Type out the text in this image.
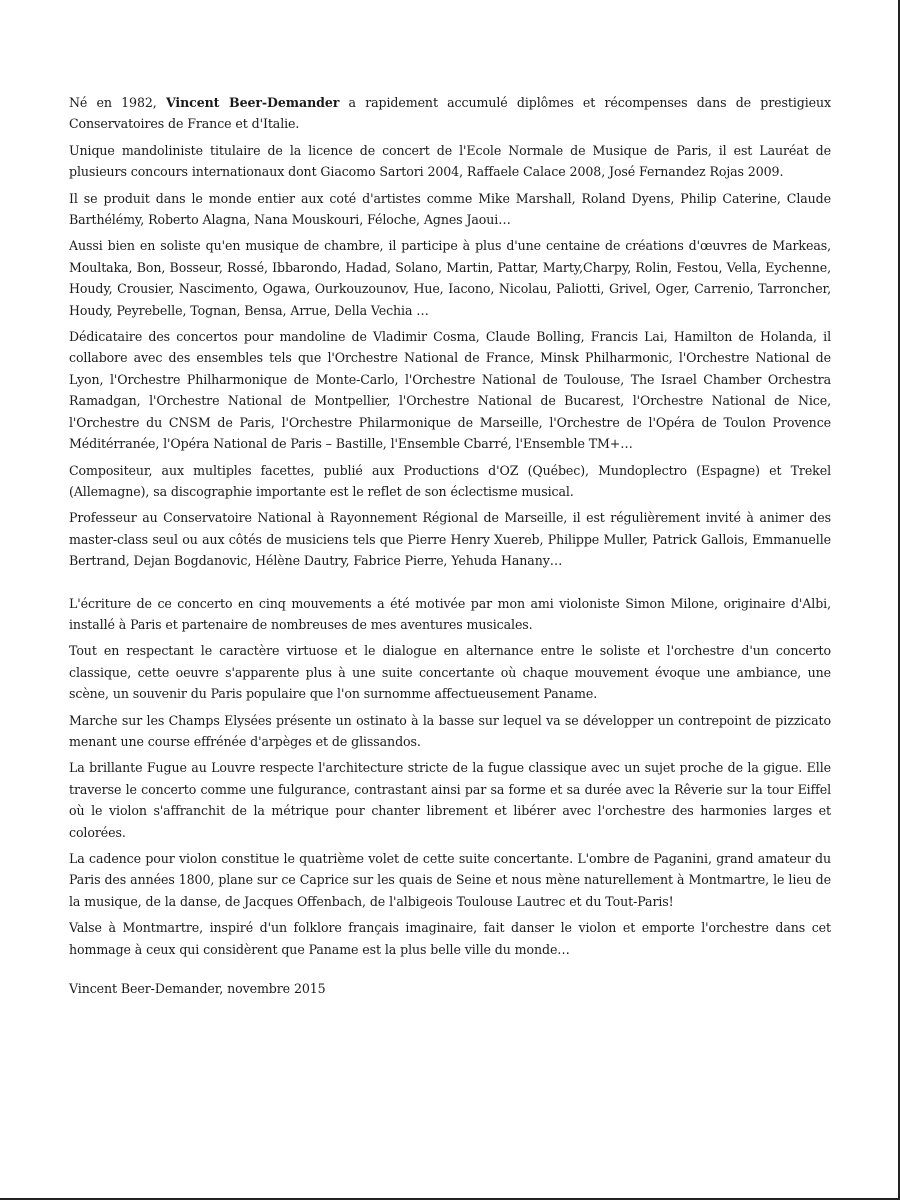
Né en 1982, Vincent Beer-Demander a rapidement accumulé diplômes et récompenses dans de prestigieux Conservatoires de France et d'Italie.

Unique mandoliniste titulaire de la licence de concert de l'Ecole Normale de Musique de Paris, il est Lauréat de plusieurs concours internationaux dont Giacomo Sartori 2004, Raffaele Calace 2008, José Fernandez Rojas 2009.

Il se produit dans le monde entier aux coté d'artistes comme Mike Marshall, Roland Dyens, Philip Caterine, Claude Barthélémy, Roberto Alagna, Nana Mouskouri, Féloche, Agnes Jaoui…

Aussi bien en soliste qu'en musique de chambre, il participe à plus d'une centaine de créations d'œuvres de Markeas, Moultaka, Bon, Bosseur, Rossé, Ibbarondo, Hadad, Solano, Martin, Pattar, Marty,Charpy, Rolin, Festou, Vella, Eychenne, Houdy, Crousier, Nascimento, Ogawa, Ourkouzounov, Hue, Iacono, Nicolau, Paliotti, Grivel, Oger, Carrenio, Tarroncher, Houdy, Peyrebelle, Tognan, Bensa, Arrue, Della Vechia …

Dédicataire des concertos pour mandoline de Vladimir Cosma, Claude Bolling, Francis Lai, Hamilton de Holanda, il collabore avec des ensembles tels que l'Orchestre National de France, Minsk Philharmonic, l'Orchestre National de Lyon, l'Orchestre Philharmonique de Monte-Carlo, l'Orchestre National de Toulouse, The Israel Chamber Orchestra Ramadgan, l'Orchestre National de Montpellier, l'Orchestre National de Bucarest, l'Orchestre National de Nice, l'Orchestre du CNSM de Paris, l'Orchestre Philarmonique de Marseille, l'Orchestre de l'Opéra de Toulon Provence Méditérranée, l'Opéra National de Paris – Bastille, l'Ensemble Cbarré, l'Ensemble TM+…

Compositeur, aux multiples facettes, publié aux Productions d'OZ (Québec), Mundoplectro (Espagne) et Trekel (Allemagne), sa discographie importante est le reflet de son éclectisme musical.

Professeur au Conservatoire National à Rayonnement Régional de Marseille, il est régulièrement invité à animer des master-class seul ou aux côtés de musiciens tels que Pierre Henry Xuereb, Philippe Muller, Patrick Gallois, Emmanuelle Bertrand, Dejan Bogdanovic, Hélène Dautry, Fabrice Pierre, Yehuda Hanany…

L'écriture de ce concerto en cinq mouvements a été motivée par mon ami violoniste Simon Milone, originaire d'Albi, installé à Paris et partenaire de nombreuses de mes aventures musicales.

Tout en respectant le caractère virtuose et le dialogue en alternance entre le soliste et l'orchestre d'un concerto classique, cette oeuvre s'apparente plus à une suite concertante où chaque mouvement évoque une ambiance, une scène, un souvenir du Paris populaire que l'on surnomme affectueusement Paname.

Marche sur les Champs Elysées présente un ostinato à la basse sur lequel va se développer un contrepoint de pizzicato menant une course effrénée d'arpèges et de glissandos.

La brillante Fugue au Louvre respecte l'architecture stricte de la fugue classique avec un sujet proche de la gigue. Elle traverse le concerto comme une fulgurance, contrastant ainsi par sa forme et sa durée avec la Rêverie sur la tour Eiffel où le violon s'affranchit de la métrique pour chanter librement et libérer avec l'orchestre des harmonies larges et colorées.

La cadence pour violon constitue le quatrième volet de cette suite concertante. L'ombre de Paganini, grand amateur du Paris des années 1800, plane sur ce Caprice sur les quais de Seine et nous mène naturellement à Montmartre, le lieu de la musique, de la danse, de Jacques Offenbach, de l'albigeois Toulouse Lautrec et du Tout-Paris!

Valse à Montmartre, inspiré d'un folklore français imaginaire, fait danser le violon et emporte l'orchestre dans cet hommage à ceux qui considèrent que Paname est la plus belle ville du monde…

Vincent Beer-Demander, novembre 2015
